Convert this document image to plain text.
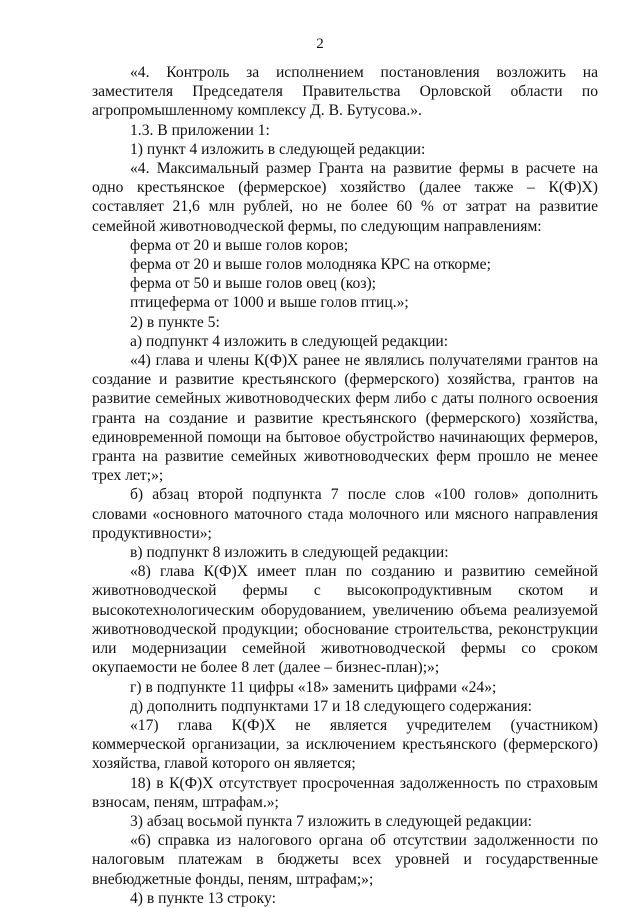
2

«4. Контроль за исполнением постановления возложить на заместителя Председателя Правительства Орловской области по агропромышленному комплексу Д. В. Бутусова.».

1.3. В приложении 1:

1) пункт 4 изложить в следующей редакции:

«4. Максимальный размер Гранта на развитие фермы в расчете на одно крестьянское (фермерское) хозяйство (далее также – К(Ф)Х) составляет 21,6 млн рублей, но не более 60 % от затрат на развитие семейной животноводческой фермы, по следующим направлениям:

ферма от 20 и выше голов коров;

ферма от 20 и выше голов молодняка КРС на откорме;

ферма от 50 и выше голов овец (коз);

птицеферма от 1000 и выше голов птиц.»;

2) в пункте 5:

а) подпункт 4 изложить в следующей редакции:

«4) глава и члены К(Ф)Х ранее не являлись получателями грантов на создание и развитие крестьянского (фермерского) хозяйства, грантов на развитие семейных животноводческих ферм либо с даты полного освоения гранта на создание и развитие крестьянского (фермерского) хозяйства, единовременной помощи на бытовое обустройство начинающих фермеров, гранта на развитие семейных животноводческих ферм прошло не менее трех лет;»;

б) абзац второй подпункта 7 после слов «100 голов» дополнить словами «основного маточного стада молочного или мясного направления продуктивности»;

в) подпункт 8 изложить в следующей редакции:

«8) глава К(Ф)Х имеет план по созданию и развитию семейной животноводческой фермы с высокопродуктивным скотом и высокотехнологическим оборудованием, увеличению объема реализуемой животноводческой продукции; обоснование строительства, реконструкции или модернизации семейной животноводческой фермы со сроком окупаемости не более 8 лет (далее – бизнес-план);»;

г) в подпункте 11 цифры «18» заменить цифрами «24»;

д) дополнить подпунктами 17 и 18 следующего содержания:

«17) глава К(Ф)Х не является учредителем (участником) коммерческой организации, за исключением крестьянского (фермерского) хозяйства, главой которого он является;

18) в К(Ф)Х отсутствует просроченная задолженность по страховым взносам, пеням, штрафам.»;

3) абзац восьмой пункта 7 изложить в следующей редакции:

«6) справка из налогового органа об отсутствии задолженности по налоговым платежам в бюджеты всех уровней и государственные внебюджетные фонды, пеням, штрафам;»;

4) в пункте 13 строку:
